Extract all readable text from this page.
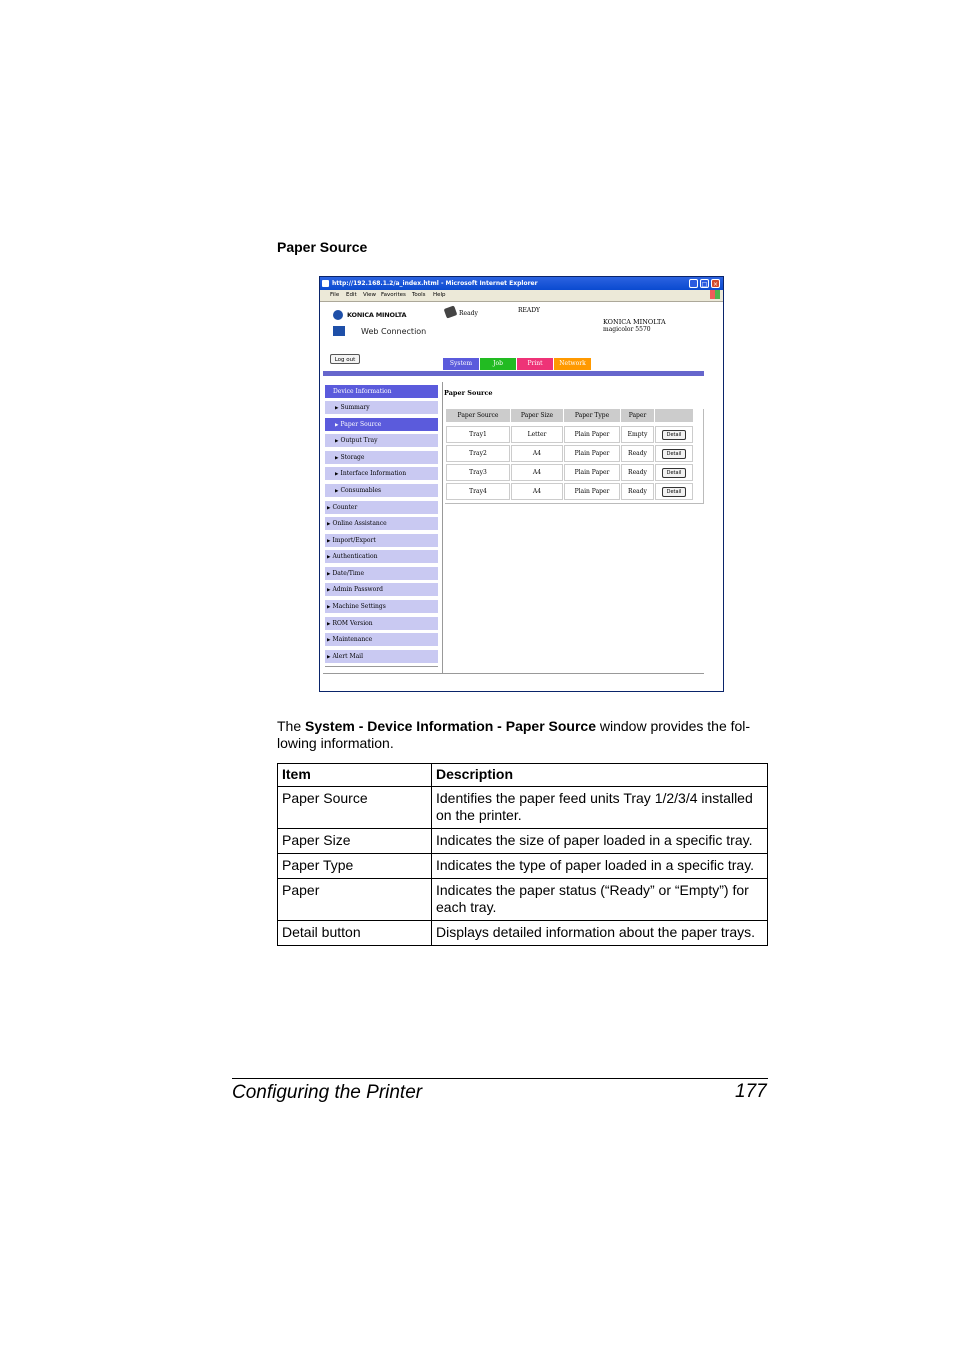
Paper Source
http://192.168.1.2/a_index.html - Microsoft Internet Explorer	_	□ ×
File Edit View Favorites Tools Help
KONICA MINOLTA
Web Connection
Ready	READY
KONICA MINOLTA
magicolor 5570
Log out	System	Job	Print	Network
Device Information
▶ Summary
▶ Paper Source
▶ Output Tray
▶ Storage
▶ Interface Information
▶ Consumables
▶ Counter
▶ Online Assistance
▶ Import/Export
▶ Authentication
▶ Date/Time
▶ Admin Password
▶ Machine Settings
▶ ROM Version
▶ Maintenance
▶ Alert Mail
Paper Source
Paper Source	Paper Size	Paper Type	Paper
Tray1	Letter	Plain Paper	Empty	Detail
Tray2	A4	Plain Paper	Ready	Detail
Tray3	A4	Plain Paper	Ready	Detail
Tray4	A4	Plain Paper	Ready	Detail
The System - Device Information - Paper Source window provides the fol-
lowing information.
Item	Description
Paper Source	Identifies the paper feed units Tray 1/2/3/4 installed on the printer.
Paper Size	Indicates the size of paper loaded in a specific tray.
Paper Type	Indicates the type of paper loaded in a specific tray.
Paper	Indicates the paper status (“Ready” or “Empty”) for each tray.
Detail button	Displays detailed information about the paper trays.
Configuring the Printer	177
